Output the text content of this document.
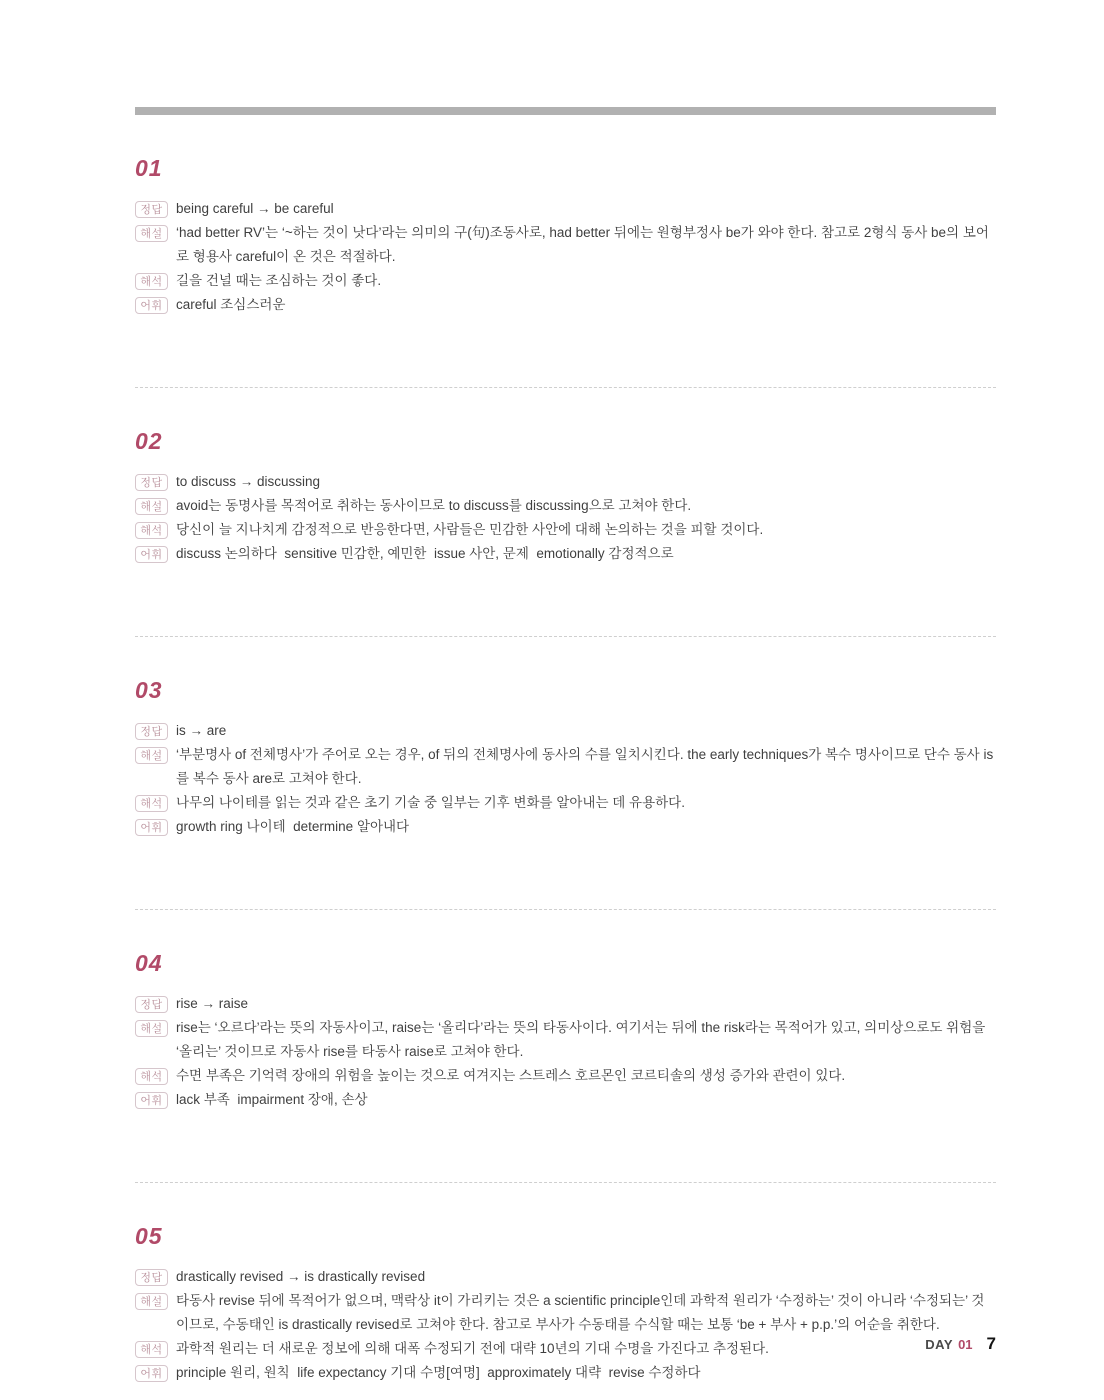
01
정답 being careful → be careful
해설 ‘had better RV’는 ‘~하는 것이 낫다’라는 의미의 구(句)조동사로, had better 뒤에는 원형부정사 be가 와야 한다. 참고로 2형식 동사 be의 보어로 형용사 careful이 온 것은 적절하다.
해석 길을 건널 때는 조심하는 것이 좋다.
어휘 careful 조심스러운
02
정답 to discuss → discussing
해설 avoid는 동명사를 목적어로 취하는 동사이므로 to discuss를 discussing으로 고쳐야 한다.
해석 당신이 늘 지나치게 감정적으로 반응한다면, 사람들은 민감한 사안에 대해 논의하는 것을 피할 것이다.
어휘 discuss 논의하다  sensitive 민감한, 예민한  issue 사안, 문제  emotionally 감정적으로
03
정답 is → are
해설 ‘부분명사 of 전체명사’가 주어로 오는 경우, of 뒤의 전체명사에 동사의 수를 일치시킨다. the early techniques가 복수 명사이므로 단수 동사 is를 복수 동사 are로 고쳐야 한다.
해석 나무의 나이테를 읽는 것과 같은 초기 기술 중 일부는 기후 변화를 알아내는 데 유용하다.
어휘 growth ring 나이테  determine 알아내다
04
정답 rise → raise
해설 rise는 ‘오르다’라는 뜻의 자동사이고, raise는 ‘올리다’라는 뜻의 타동사이다. 여기서는 뒤에 the risk라는 목적어가 있고, 의미상으로도 위험을 ‘올리는’ 것이므로 자동사 rise를 타동사 raise로 고쳐야 한다.
해석 수면 부족은 기억력 장애의 위험을 높이는 것으로 여겨지는 스트레스 호르몬인 코르티솔의 생성 증가와 관련이 있다.
어휘 lack 부족  impairment 장애, 손상
05
정답 drastically revised → is drastically revised
해설 타동사 revise 뒤에 목적어가 없으며, 맥락상 it이 가리키는 것은 a scientific principle인데 과학적 원리가 ‘수정하는’ 것이 아니라 ‘수정되는’ 것이므로, 수동태인 is drastically revised로 고쳐야 한다. 참고로 부사가 수동태를 수식할 때는 보통 ‘be + 부사 + p.p.’의 어순을 취한다.
해석 과학적 원리는 더 새로운 정보에 의해 대폭 수정되기 전에 대략 10년의 기대 수명을 가진다고 추정된다.
어휘 principle 원리, 원칙  life expectancy 기대 수명[여명]  approximately 대략  revise 수정하다
DAY 01 7
